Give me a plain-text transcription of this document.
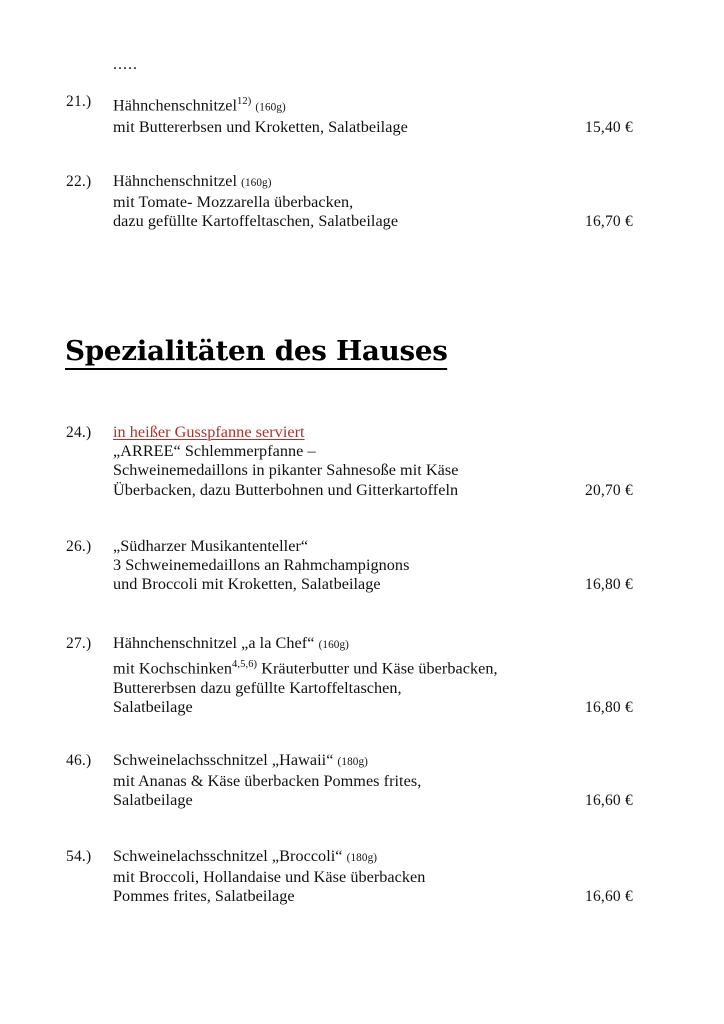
.....
21.)	Hähnchenschnitzel$^{12)}$ (160g)
mit Buttererbsen und Kroketten, Salatbeilage	15,40 €
22.)	Hähnchenschnitzel (160g)
mit Tomate- Mozzarella überbacken,
dazu gefüllte Kartoffeltaschen, Salatbeilage	16,70 €
24.)	in heißer Gusspfanne serviert
„ARREE“ Schlemmerpfanne –
Schweinemedaillons in pikanter Sahnesoße mit Käse
Überbacken, dazu Butterbohnen und Gitterkartoffeln	20,70 €
26.)	„Südharzer Musikantenteller“
3 Schweinemedaillons an Rahmchampignons
und Broccoli mit Kroketten, Salatbeilage	16,80 €
27.)	Hähnchenschnitzel „a la Chef“ (160g)
mit Kochschinken$^{4,5,6)}$ Kräuterbutter und Käse überbacken,
Buttererbsen dazu gefüllte Kartoffeltaschen,
Salatbeilage	16,80 €
46.)	Schweinelachsschnitzel „Hawaii“ (180g)
mit Ananas & Käse überbacken Pommes frites,
Salatbeilage	16,60 €
54.)	Schweinelachsschnitzel „Broccoli“ (180g)
mit Broccoli, Hollandaise und Käse überbacken
Pommes frites, Salatbeilage	16,60 €
Spezialitäten des Hauses
